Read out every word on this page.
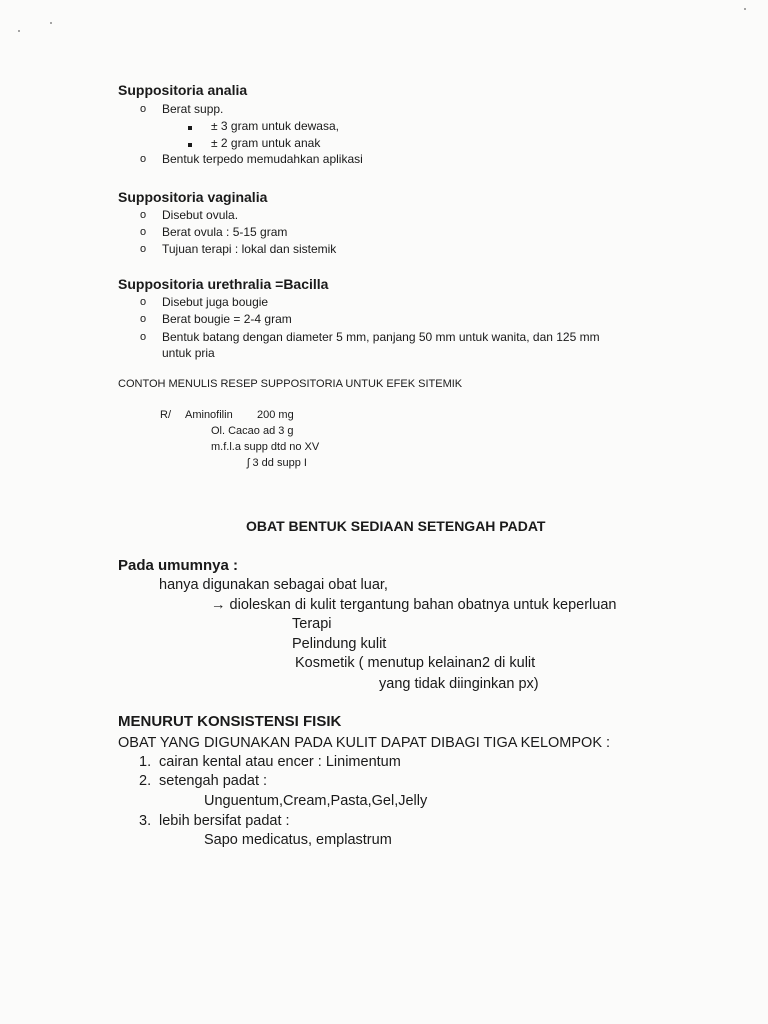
Suppositoria analia
o Berat supp.
± 3 gram untuk dewasa,
± 2 gram untuk anak
o Bentuk terpedo memudahkan aplikasi
Suppositoria vaginalia
o Disebut ovula.
o Berat ovula : 5-15 gram
o Tujuan terapi : lokal dan sistemik
Suppositoria urethralia =Bacilla
o Disebut juga bougie
o Berat bougie = 2-4 gram
o Bentuk batang dengan diameter 5 mm, panjang 50 mm untuk wanita, dan 125 mm
untuk pria
CONTOH MENULIS RESEP SUPPOSITORIA UNTUK EFEK SITEMIK
R/ Aminofilin 200 mg
Ol. Cacao ad 3 g
m.f.l.a supp dtd no XV
ʃ 3 dd supp I
OBAT BENTUK SEDIAAN SETENGAH PADAT
Pada umumnya :
hanya digunakan sebagai obat luar,
→ dioleskan di kulit tergantung bahan obatnya untuk keperluan
Terapi
Pelindung kulit
Kosmetik ( menutup kelainan2 di kulit
yang tidak diinginkan px)
MENURUT KONSISTENSI FISIK
OBAT YANG DIGUNAKAN PADA KULIT DAPAT DIBAGI TIGA KELOMPOK :
1. cairan kental atau encer : Linimentum
2. setengah padat :
Unguentum,Cream,Pasta,Gel,Jelly
3. lebih bersifat padat :
Sapo medicatus, emplastrum
